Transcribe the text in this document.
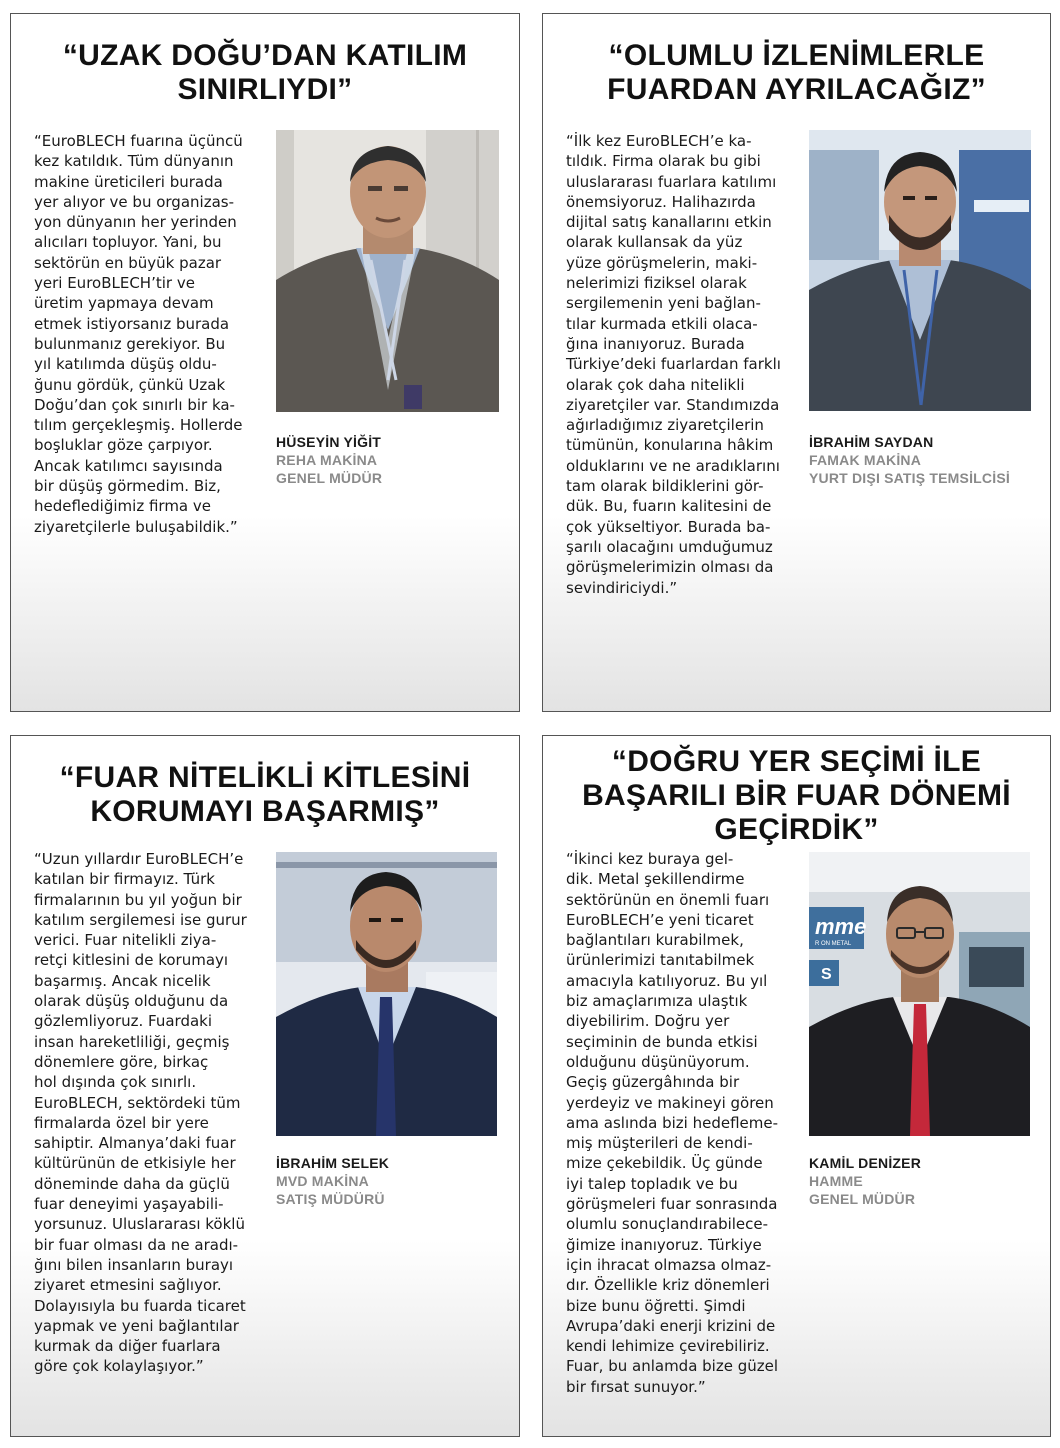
“UZAK DOĞU’DAN KATILIM
SINIRLIYDI”
“EuroBLECH fuarına üçüncü
kez katıldık. Tüm dünyanın
makine üreticileri burada
yer alıyor ve bu organizas-
yon dünyanın her yerinden
alıcıları topluyor. Yani, bu
sektörün en büyük pazar
yeri EuroBLECH’tir ve
üretim yapmaya devam
etmek istiyorsanız burada
bulunmanız gerekiyor. Bu
yıl katılımda düşüş oldu-
ğunu gördük, çünkü Uzak
Doğu’dan çok sınırlı bir ka-
tılım gerçekleşmiş. Hollerde
boşluklar göze çarpıyor.
Ancak katılımcı sayısında
bir düşüş görmedim. Biz,
hedeflediğimiz firma ve
ziyaretçilerle buluşabildik.”
HÜSEYİN YİĞİT
REHA MAKİNA
GENEL MÜDÜR
“OLUMLU İZLENİMLERLE
FUARDAN AYRILACAĞIZ”
“İlk kez EuroBLECH’e ka-
tıldık. Firma olarak bu gibi
uluslararası fuarlara katılımı
önemsiyoruz. Halihazırda
dijital satış kanallarını etkin
olarak kullansak da yüz
yüze görüşmelerin, maki-
nelerimizi fiziksel olarak
sergilemenin yeni bağlan-
tılar kurmada etkili olaca-
ğına inanıyoruz. Burada
Türkiye’deki fuarlardan farklı
olarak çok daha nitelikli
ziyaretçiler var. Standımızda
ağırladığımız ziyaretçilerin
tümünün, konularına hâkim
olduklarını ve ne aradıklarını
tam olarak bildiklerini gör-
dük. Bu, fuarın kalitesini de
çok yükseltiyor. Burada ba-
şarılı olacağını umduğumuz
görüşmelerimizin olması da
sevindiriciydi.”
İBRAHİM SAYDAN
FAMAK MAKİNA
YURT DIŞI SATIŞ TEMSİLCİSİ
“FUAR NİTELİKLİ KİTLESİNİ
KORUMAYI BAŞARMIŞ”
“Uzun yıllardır EuroBLECH’e
katılan bir firmayız. Türk
firmalarının bu yıl yoğun bir
katılım sergilemesi ise gurur
verici. Fuar nitelikli ziya-
retçi kitlesini de korumayı
başarmış. Ancak nicelik
olarak düşüş olduğunu da
gözlemliyoruz. Fuardaki
insan hareketliliği, geçmiş
dönemlere göre, birkaç
hol dışında çok sınırlı.
EuroBLECH, sektördeki tüm
firmalarda özel bir yere
sahiptir. Almanya’daki fuar
kültürünün de etkisiyle her
döneminde daha da güçlü
fuar deneyimi yaşayabili-
yorsunuz. Uluslararası köklü
bir fuar olması da ne aradı-
ğını bilen insanların burayı
ziyaret etmesini sağlıyor.
Dolayısıyla bu fuarda ticaret
yapmak ve yeni bağlantılar
kurmak da diğer fuarlara
göre çok kolaylaşıyor.”
İBRAHİM SELEK
MVD MAKİNA
SATIŞ MÜDÜRÜ
“DOĞRU YER SEÇİMİ İLE
BAŞARILI BİR FUAR DÖNEMİ
GEÇİRDİK”
“İkinci kez buraya gel-
dik. Metal şekillendirme
sektörünün en önemli fuarı
EuroBLECH’e yeni ticaret
bağlantıları kurabilmek,
ürünlerimizi tanıtabilmek
amacıyla katılıyoruz. Bu yıl
biz amaçlarımıza ulaştık
diyebilirim. Doğru yer
seçiminin de bunda etkisi
olduğunu düşünüyorum.
Geçiş güzergâhında bir
yerdeyiz ve makineyi gören
ama aslında bizi hedefleme-
miş müşterileri de kendi-
mize çekebildik. Üç günde
iyi talep topladık ve bu
görüşmeleri fuar sonrasında
olumlu sonuçlandırabilece-
ğimize inanıyoruz. Türkiye
için ihracat olmazsa olmaz-
dır. Özellikle kriz dönemleri
bize bunu öğretti. Şimdi
Avrupa’daki enerji krizini de
kendi lehimize çevirebiliriz.
Fuar, bu anlamda bize güzel
bir fırsat sunuyor.”
mme
R ON METAL
S
KAMİL DENİZER
HAMME
GENEL MÜDÜR
